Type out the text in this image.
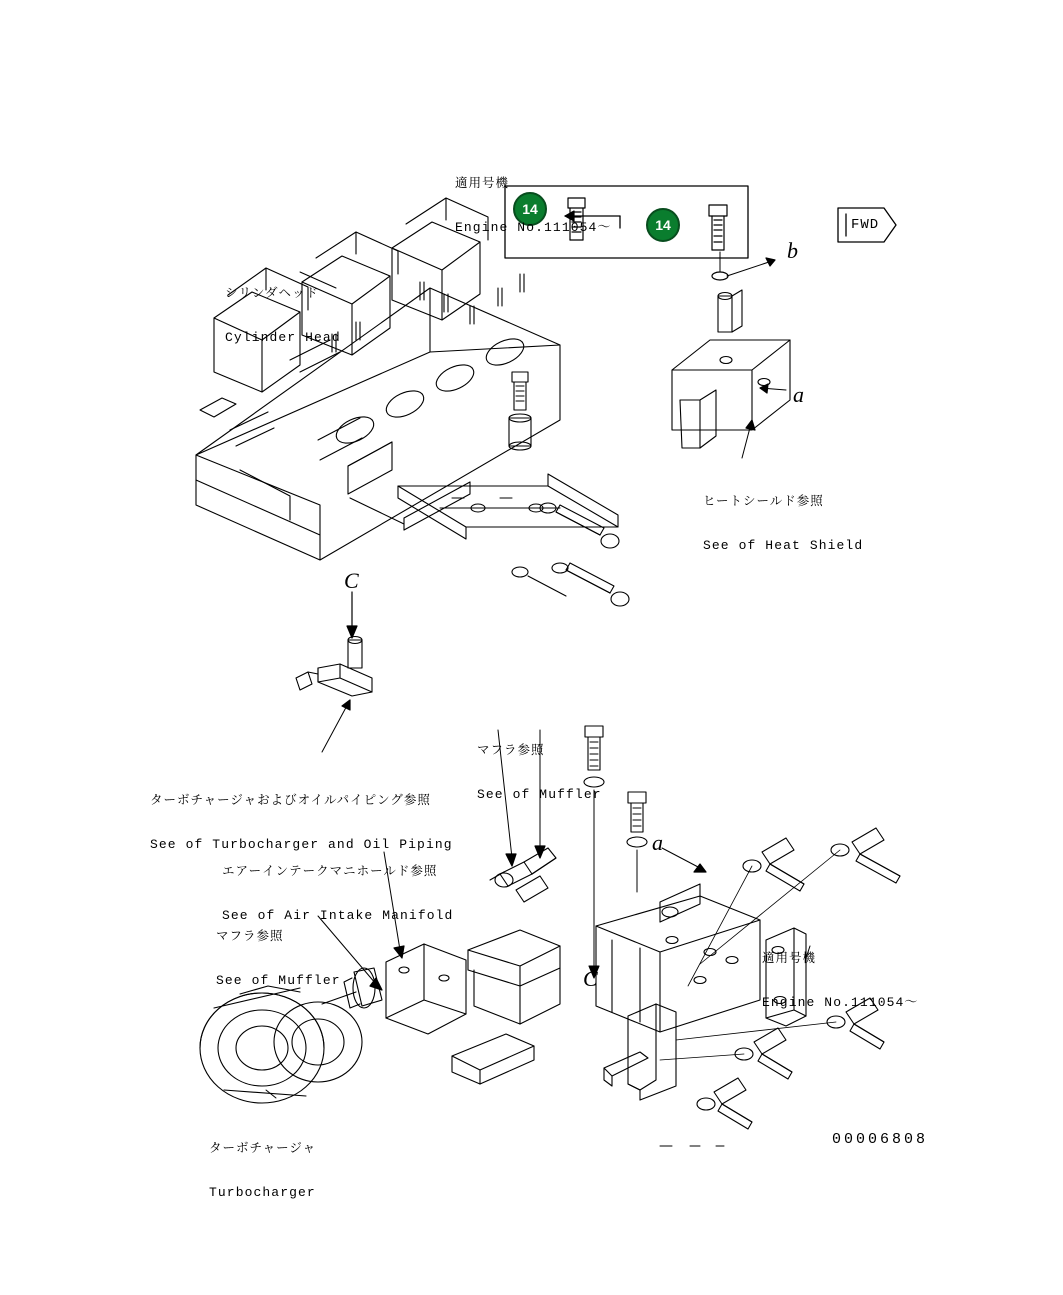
14
14	FWD
b
a
C
C
a

適用号機

Engine No.111054～

シリンダヘッド

Cylinder Head

ヒートシールド参照

See of Heat Shield

ターボチャージャおよびオイルパイピング参照

See of Turbocharger and Oil Piping

エアーインテークマニホールド参照

See of Air Intake Manifold

マフラ参照

See of Muffler

マフラ参照

See of Muffler

ターボチャージャ

Turbocharger

適用号機

Engine No.111054～

00006808
